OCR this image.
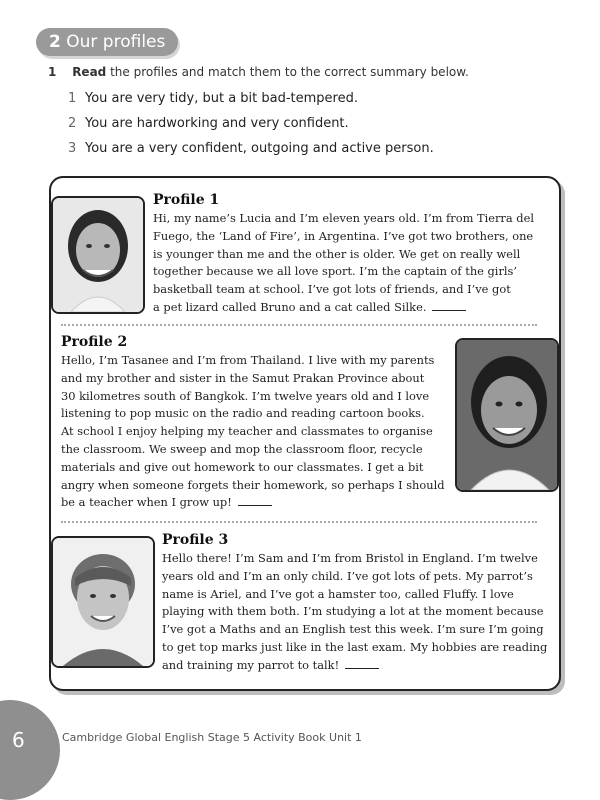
2 Our profiles
1 Read the profiles and match them to the correct summary below.
1 You are very tidy, but a bit bad-tempered.
2 You are hardworking and very confident.
3 You are a very confident, outgoing and active person.
Profile 1
Hi, my name’s Lucia and I’m eleven years old. I’m from Tierra del
Fuego, the ‘Land of Fire’, in Argentina. I’ve got two brothers, one
is younger than me and the other is older. We get on really well
together because we all love sport. I’m the captain of the girls’
basketball team at school. I’ve got lots of friends, and I’ve got
a pet lizard called Bruno and a cat called Silke.
Profile 2
Hello, I’m Tasanee and I’m from Thailand. I live with my parents
and my brother and sister in the Samut Prakan Province about
30 kilometres south of Bangkok. I’m twelve years old and I love
listening to pop music on the radio and reading cartoon books.
At school I enjoy helping my teacher and classmates to organise
the classroom. We sweep and mop the classroom floor, recycle
materials and give out homework to our classmates. I get a bit
angry when someone forgets their homework, so perhaps I should
be a teacher when I grow up!
Profile 3
Hello there! I’m Sam and I’m from Bristol in England. I’m twelve
years old and I’m an only child. I’ve got lots of pets. My parrot’s
name is Ariel, and I’ve got a hamster too, called Fluffy. I love
playing with them both. I’m studying a lot at the moment because
I’ve got a Maths and an English test this week. I’m sure I’m going
to get top marks just like in the last exam. My hobbies are reading
and training my parrot to talk!
6	Cambridge Global English Stage 5 Activity Book Unit 1
